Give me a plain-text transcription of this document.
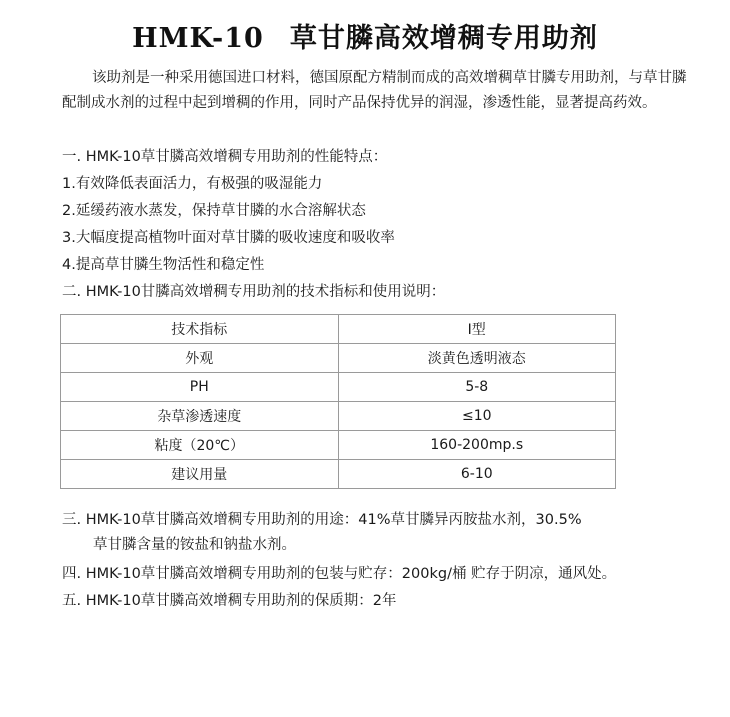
HMK-10 草甘膦高效增稠专用助剂
该助剂是一种采用德国进口材料，德国原配方精制而成的高效增稠草甘膦专用助剂，与草甘膦配制成水剂的过程中起到增稠的作用，同时产品保持优异的润湿，渗透性能，显著提高药效。
一. HMK-10草甘膦高效增稠专用助剂的性能特点：
1.有效降低表面活力，有极强的吸湿能力
2.延缓药液水蒸发，保持草甘膦的水合溶解状态
3.大幅度提高植物叶面对草甘膦的吸收速度和吸收率
4.提高草甘膦生物活性和稳定性
二. HMK-10甘膦高效增稠专用助剂的技术指标和使用说明：
技术指标	I型
外观	淡黄色透明液态
PH	5-8
杂草渗透速度	≤10
粘度（20℃）	160-200mp.s
建议用量	6-10
三. HMK-10草甘膦高效增稠专用助剂的用途：41%草甘膦异丙胺盐水剂，30.5%
草甘膦含量的铵盐和钠盐水剂。
四. HMK-10草甘膦高效增稠专用助剂的包装与贮存：200kg/桶 贮存于阴凉，通风处。
五. HMK-10草甘膦高效增稠专用助剂的保质期：2年
